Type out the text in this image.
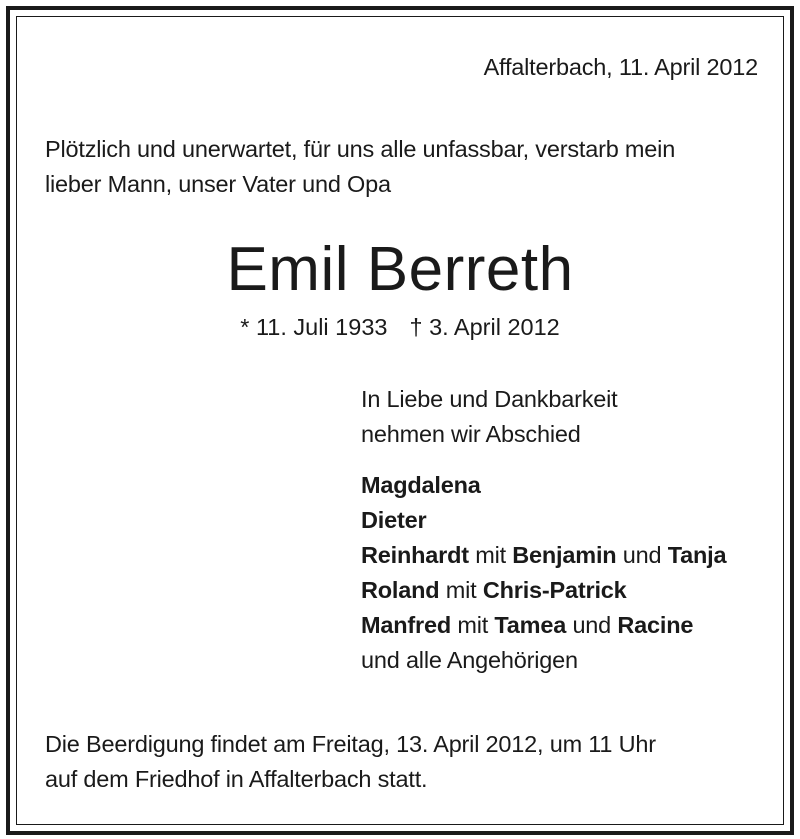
Affalterbach, 11. April 2012
Plötzlich und unerwartet, für uns alle unfassbar, verstarb mein
lieber Mann, unser Vater und Opa
Emil Berreth
* 11. Juli 1933 † 3. April 2012
In Liebe und Dankbarkeit
nehmen wir Abschied
Magdalena
Dieter
Reinhardt mit Benjamin und Tanja
Roland mit Chris-Patrick
Manfred mit Tamea und Racine
und alle Angehörigen
Die Beerdigung findet am Freitag, 13. April 2012, um 11 Uhr
auf dem Friedhof in Affalterbach statt.
